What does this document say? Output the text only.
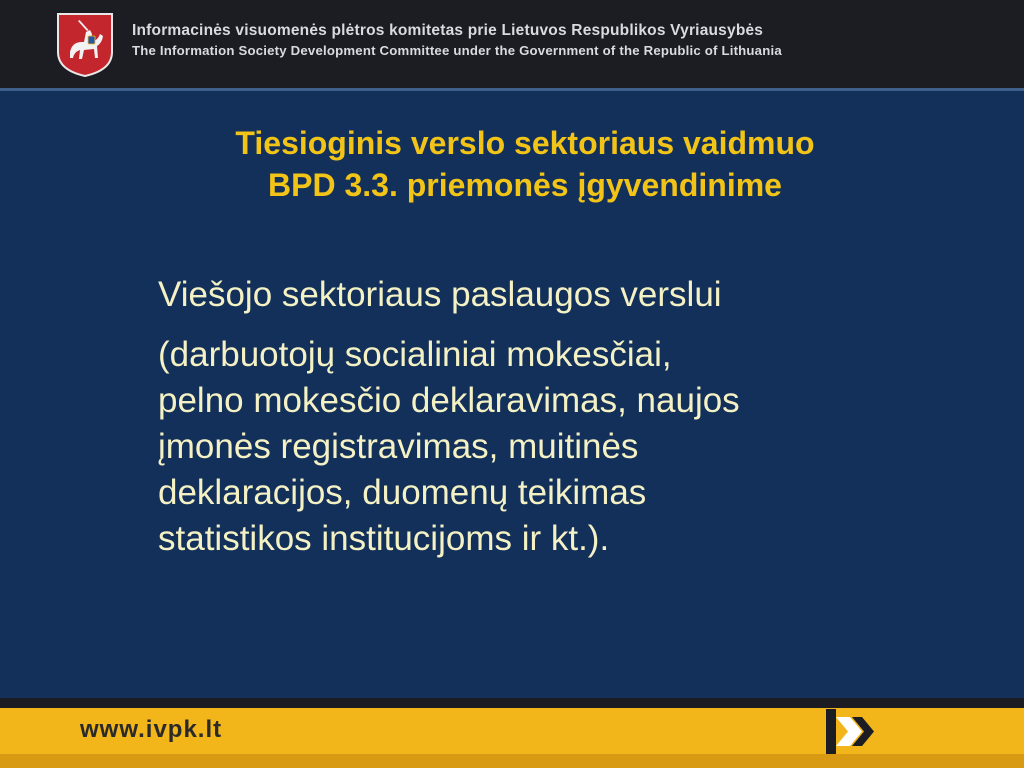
Informacinės visuomenės plėtros komitetas prie Lietuvos Respublikos Vyriausybės
The Information Society Development Committee under the Government of the Republic of Lithuania
Tiesioginis verslo sektoriaus vaidmuo
BPD 3.3. priemonės įgyvendinime
Viešojo sektoriaus paslaugos verslui
(darbuotojų socialiniai mokesčiai,
pelno mokesčio deklaravimas, naujos
įmonės registravimas, muitinės
deklaracijos, duomenų teikimas
statistikos institucijoms ir kt.).
www.ivpk.lt
